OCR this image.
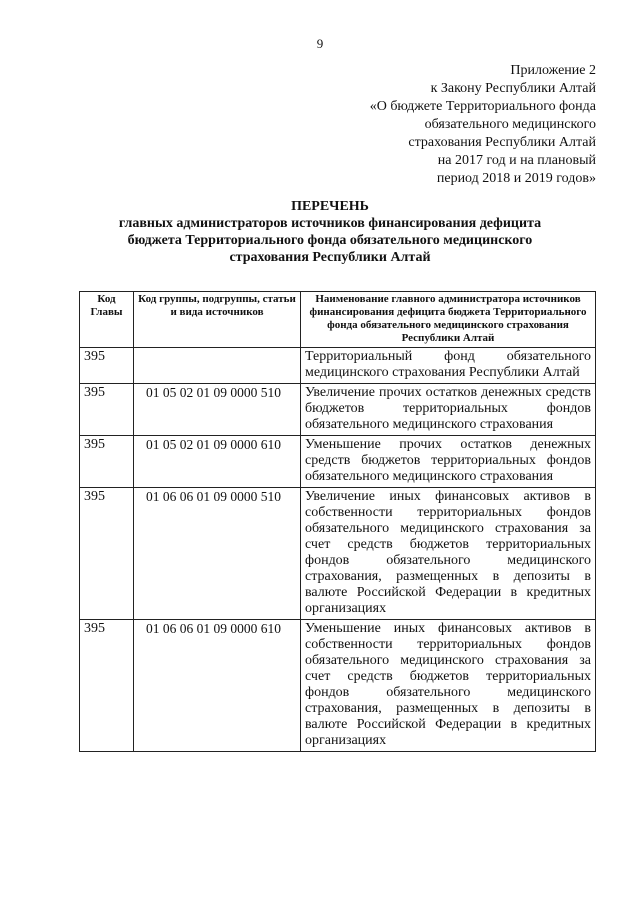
9
Приложение 2
к Закону Республики Алтай
«О бюджете Территориального фонда
обязательного медицинского
страхования Республики Алтай
на 2017 год и на плановый
период 2018 и 2019 годов»
ПЕРЕЧЕНЬ
главных администраторов источников финансирования дефицита
бюджета Территориального фонда обязательного медицинского
страхования Республики Алтай
Код Главы	Код группы, подгруппы, статьи и вида источников	Наименование главного администратора источников финансирования дефицита бюджета Территориального фонда обязательного медицинского страхования Республики Алтай
395		Территориальный фонд обязательного медицинского страхования Республики Алтай
395	01 05 02 01 09 0000 510	Увеличение прочих остатков денежных средств бюджетов территориальных фондов обязательного медицинского страхования
395	01 05 02 01 09 0000 610	Уменьшение прочих остатков денежных средств бюджетов территориальных фондов обязательного медицинского страхования
395	01 06 06 01 09 0000 510	Увеличение иных финансовых активов в собственности территориальных фондов обязательного медицинского страхования за счет средств бюджетов территориальных фондов обязательного медицинского страхования, размещенных в депозиты в валюте Российской Федерации в кредитных организациях
395	01 06 06 01 09 0000 610	Уменьшение иных финансовых активов в собственности территориальных фондов обязательного медицинского страхования за счет средств бюджетов территориальных фондов обязательного медицинского страхования, размещенных в депозиты в валюте Российской Федерации в кредитных организациях
